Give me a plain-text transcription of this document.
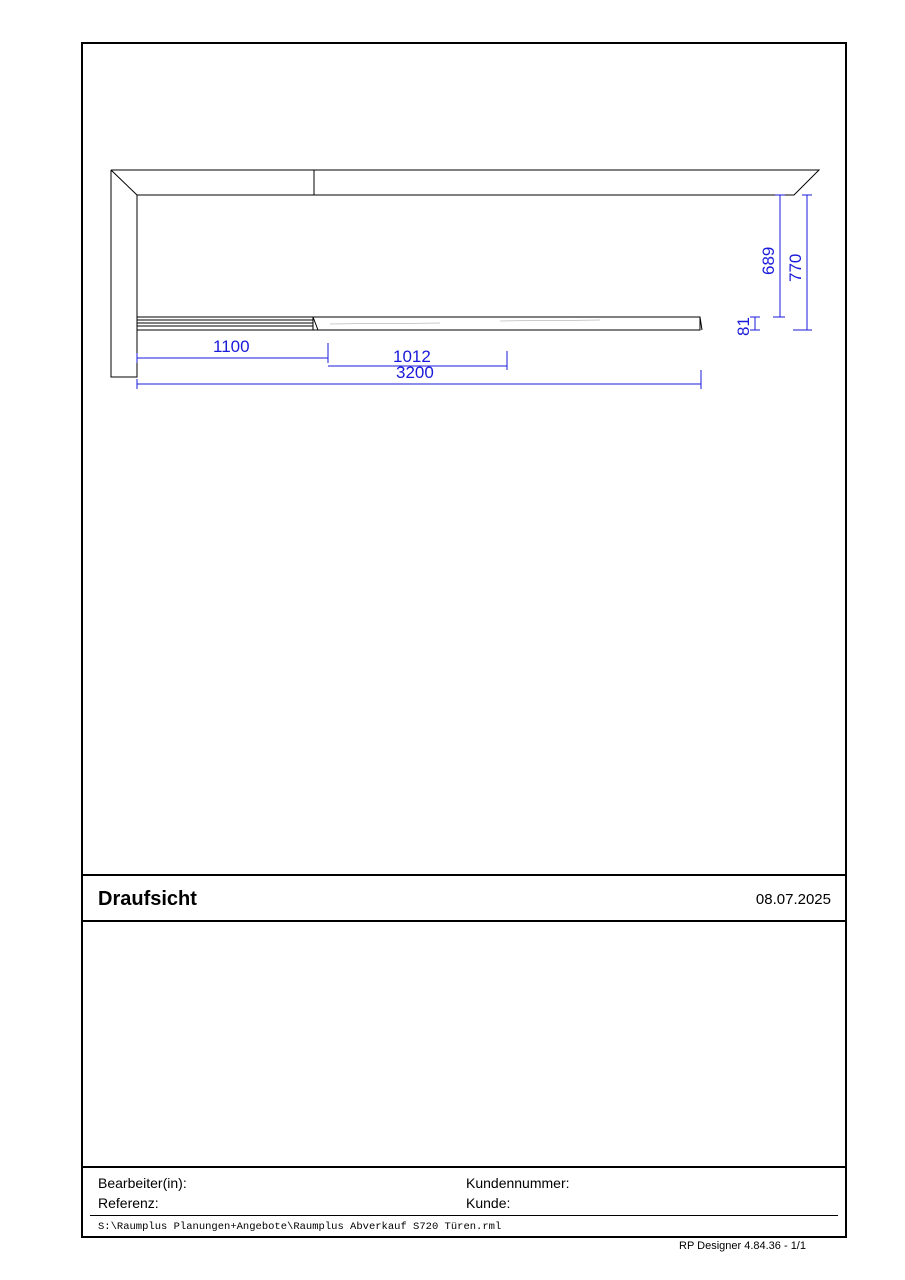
1100
1012
3200
689 770
81
Draufsicht	08.07.2025
Bearbeiter(in):
Referenz:
Kundennummer:
Kunde:
S:\Raumplus Planungen+Angebote\Raumplus Abverkauf S720 Türen.rml
RP Designer 4.84.36 - 1/1
